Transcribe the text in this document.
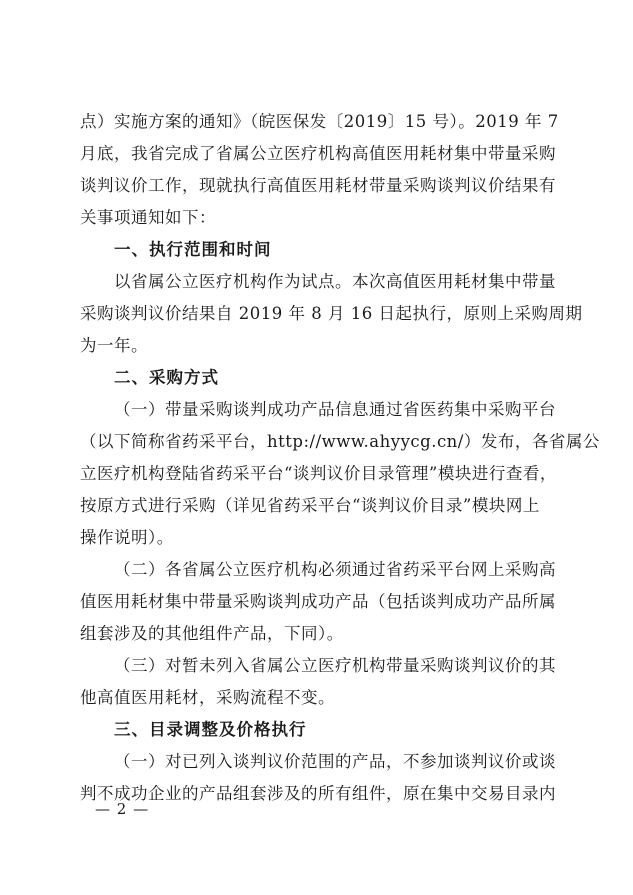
点）实施方案的通知》（皖医保发〔2019〕15 号）。2019 年 7
月底，我省完成了省属公立医疗机构高值医用耗材集中带量采购
谈判议价工作，现就执行高值医用耗材带量采购谈判议价结果有
关事项通知如下：
一、执行范围和时间
以省属公立医疗机构作为试点。本次高值医用耗材集中带量
采购谈判议价结果自 2019 年 8 月 16 日起执行，原则上采购周期
为一年。
二、采购方式
（一）带量采购谈判成功产品信息通过省医药集中采购平台
（以下简称省药采平台，http://www.ahyycg.cn/）发布，各省属公
立医疗机构登陆省药采平台“谈判议价目录管理”模块进行查看，
按原方式进行采购（详见省药采平台“谈判议价目录”模块网上
操作说明）。
（二）各省属公立医疗机构必须通过省药采平台网上采购高
值医用耗材集中带量采购谈判成功产品（包括谈判成功产品所属
组套涉及的其他组件产品，下同）。
（三）对暂未列入省属公立医疗机构带量采购谈判议价的其
他高值医用耗材，采购流程不变。
三、目录调整及价格执行
（一）对已列入谈判议价范围的产品，不参加谈判议价或谈
判不成功企业的产品组套涉及的所有组件，原在集中交易目录内
— 2 —
